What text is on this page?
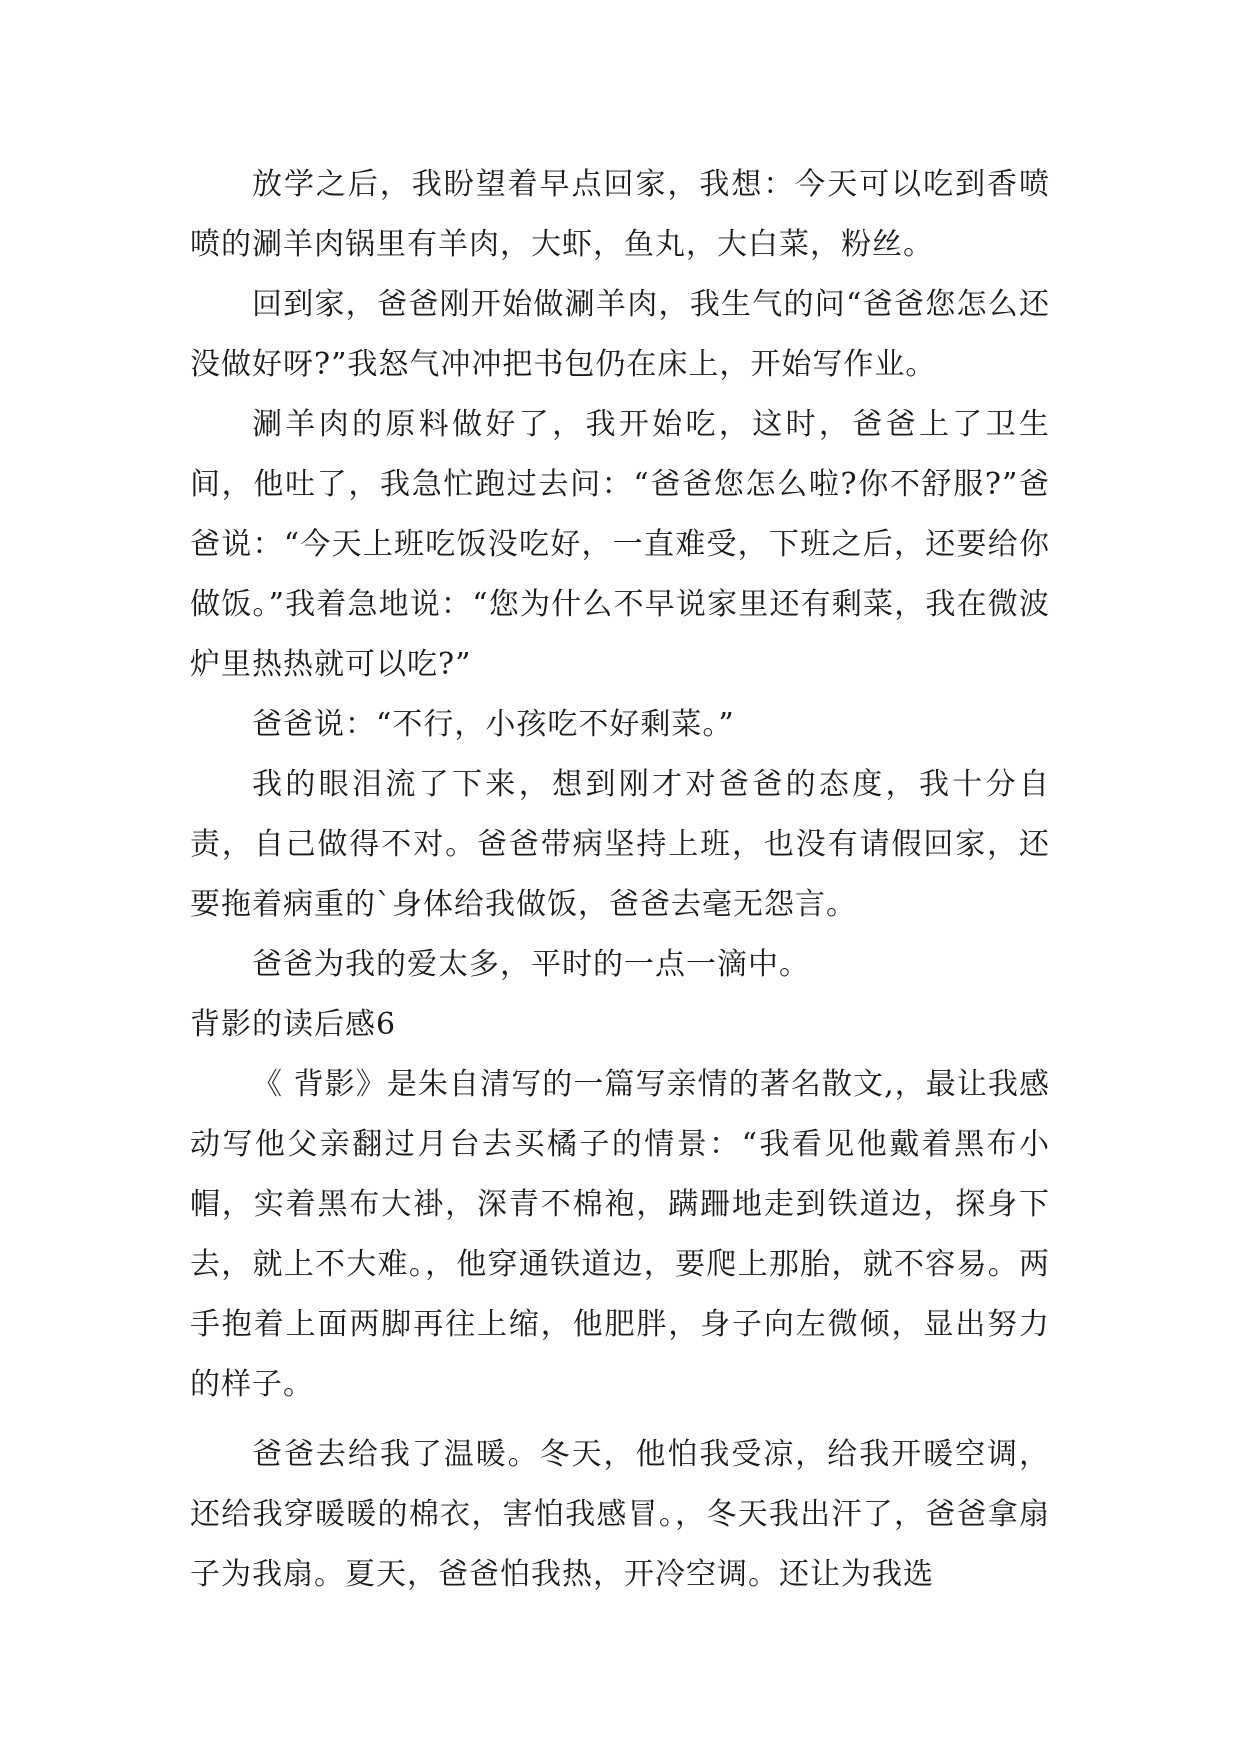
放学之后，我盼望着早点回家，我想：今天可以吃到香喷喷的涮羊肉锅里有羊肉，大虾，鱼丸，大白菜，粉丝。

回到家，爸爸刚开始做涮羊肉，我生气的问“爸爸您怎么还没做好呀?”我怒气冲冲把书包仍在床上，开始写作业。

涮羊肉的原料做好了，我开始吃，这时，爸爸上了卫生间，他吐了，我急忙跑过去问：“爸爸您怎么啦?你不舒服?”爸爸说：“今天上班吃饭没吃好，一直难受，下班之后，还要给你做饭。”我着急地说：“您为什么不早说家里还有剩菜，我在微波炉里热热就可以吃?”

爸爸说：“不行，小孩吃不好剩菜。”

我的眼泪流了下来，想到刚才对爸爸的态度，我十分自责，自己做得不对。爸爸带病坚持上班，也没有请假回家，还要拖着病重的`身体给我做饭，爸爸去毫无怨言。

爸爸为我的爱太多，平时的一点一滴中。

背影的读后感6

《 背影》是朱自清写的一篇写亲情的著名散文,，最让我感动写他父亲翻过月台去买橘子的情景：“我看见他戴着黑布小帽，实着黑布大褂，深青不棉袍，蹒跚地走到铁道边，探身下去，就上不大难。，他穿通铁道边，要爬上那胎，就不容易。两手抱着上面两脚再往上缩，他肥胖，身子向左微倾，显出努力的样子。

爸爸去给我了温暖。冬天，他怕我受凉，给我开暖空调，还给我穿暖暖的棉衣，害怕我感冒。，冬天我出汗了，爸爸拿扇子为我扇。夏天，爸爸怕我热，开冷空调。还让为我选
